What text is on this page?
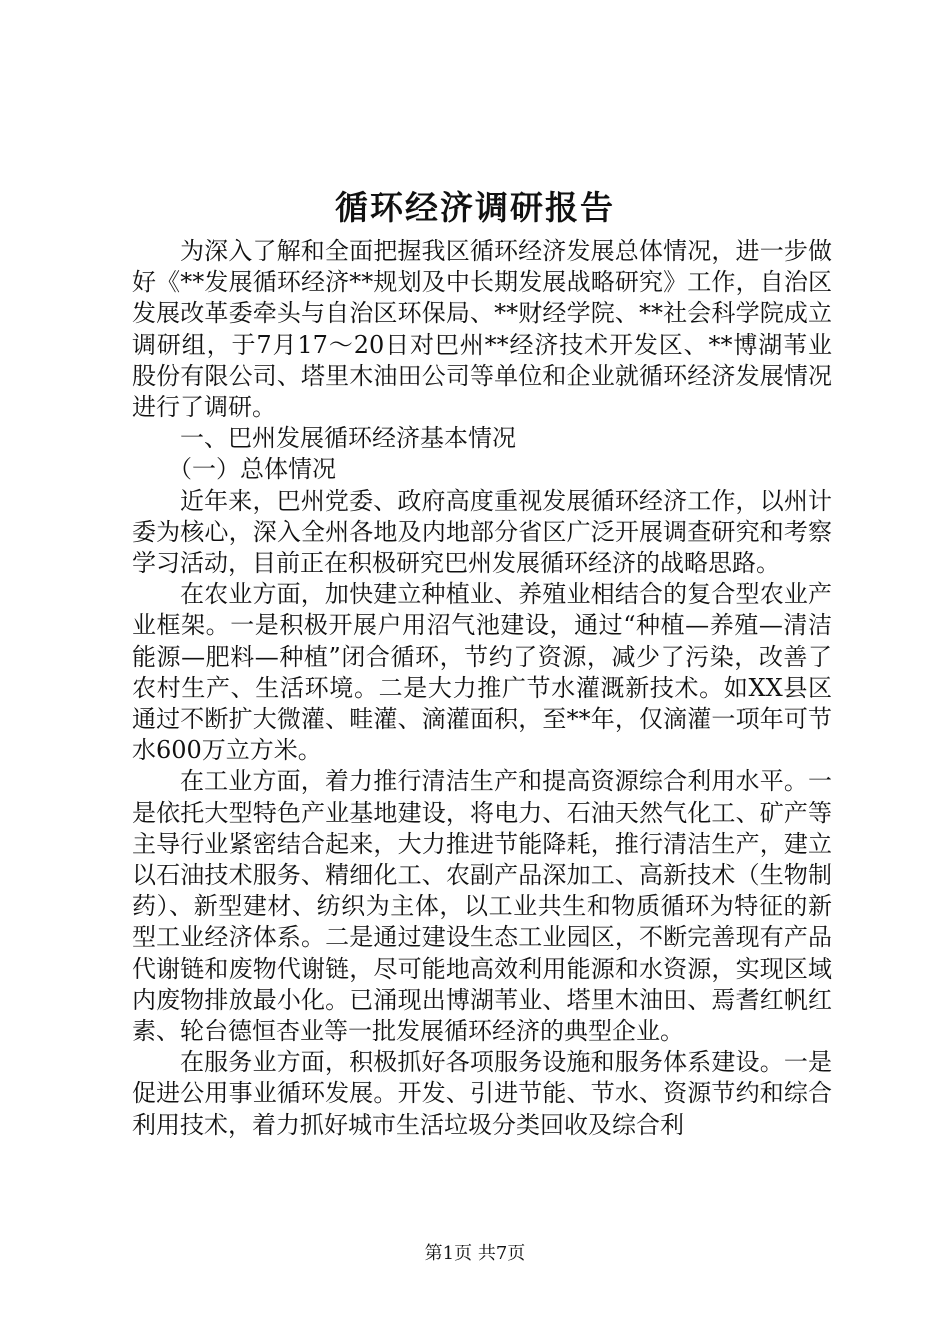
循环经济调研报告

为深入了解和全面把握我区循环经济发展总体情况，进一步做好《**发展循环经济**规划及中长期发展战略研究》工作，自治区发展改革委牵头与自治区环保局、**财经学院、**社会科学院成立调研组，于7月17～20日对巴州**经济技术开发区、**博湖苇业股份有限公司、塔里木油田公司等单位和企业就循环经济发展情况进行了调研。

一、巴州发展循环经济基本情况

（一）总体情况

近年来，巴州党委、政府高度重视发展循环经济工作，以州计委为核心，深入全州各地及内地部分省区广泛开展调查研究和考察学习活动，目前正在积极研究巴州发展循环经济的战略思路。

在农业方面，加快建立种植业、养殖业相结合的复合型农业产业框架。一是积极开展户用沼气池建设，通过“种植—养殖—清洁能源—肥料—种植”闭合循环，节约了资源，减少了污染，改善了农村生产、生活环境。二是大力推广节水灌溉新技术。如XX县区通过不断扩大微灌、畦灌、滴灌面积，至**年，仅滴灌一项年可节水600万立方米。

在工业方面，着力推行清洁生产和提高资源综合利用水平。一是依托大型特色产业基地建设，将电力、石油天然气化工、矿产等主导行业紧密结合起来，大力推进节能降耗，推行清洁生产，建立以石油技术服务、精细化工、农副产品深加工、高新技术（生物制药）、新型建材、纺织为主体，以工业共生和物质循环为特征的新型工业经济体系。二是通过建设生态工业园区，不断完善现有产品代谢链和废物代谢链，尽可能地高效利用能源和水资源，实现区域内废物排放最小化。已涌现出博湖苇业、塔里木油田、焉耆红帆红素、轮台德恒杏业等一批发展循环经济的典型企业。

在服务业方面，积极抓好各项服务设施和服务体系建设。一是促进公用事业循环发展。开发、引进节能、节水、资源节约和综合利用技术，着力抓好城市生活垃圾分类回收及综合利

第1页 共7页
